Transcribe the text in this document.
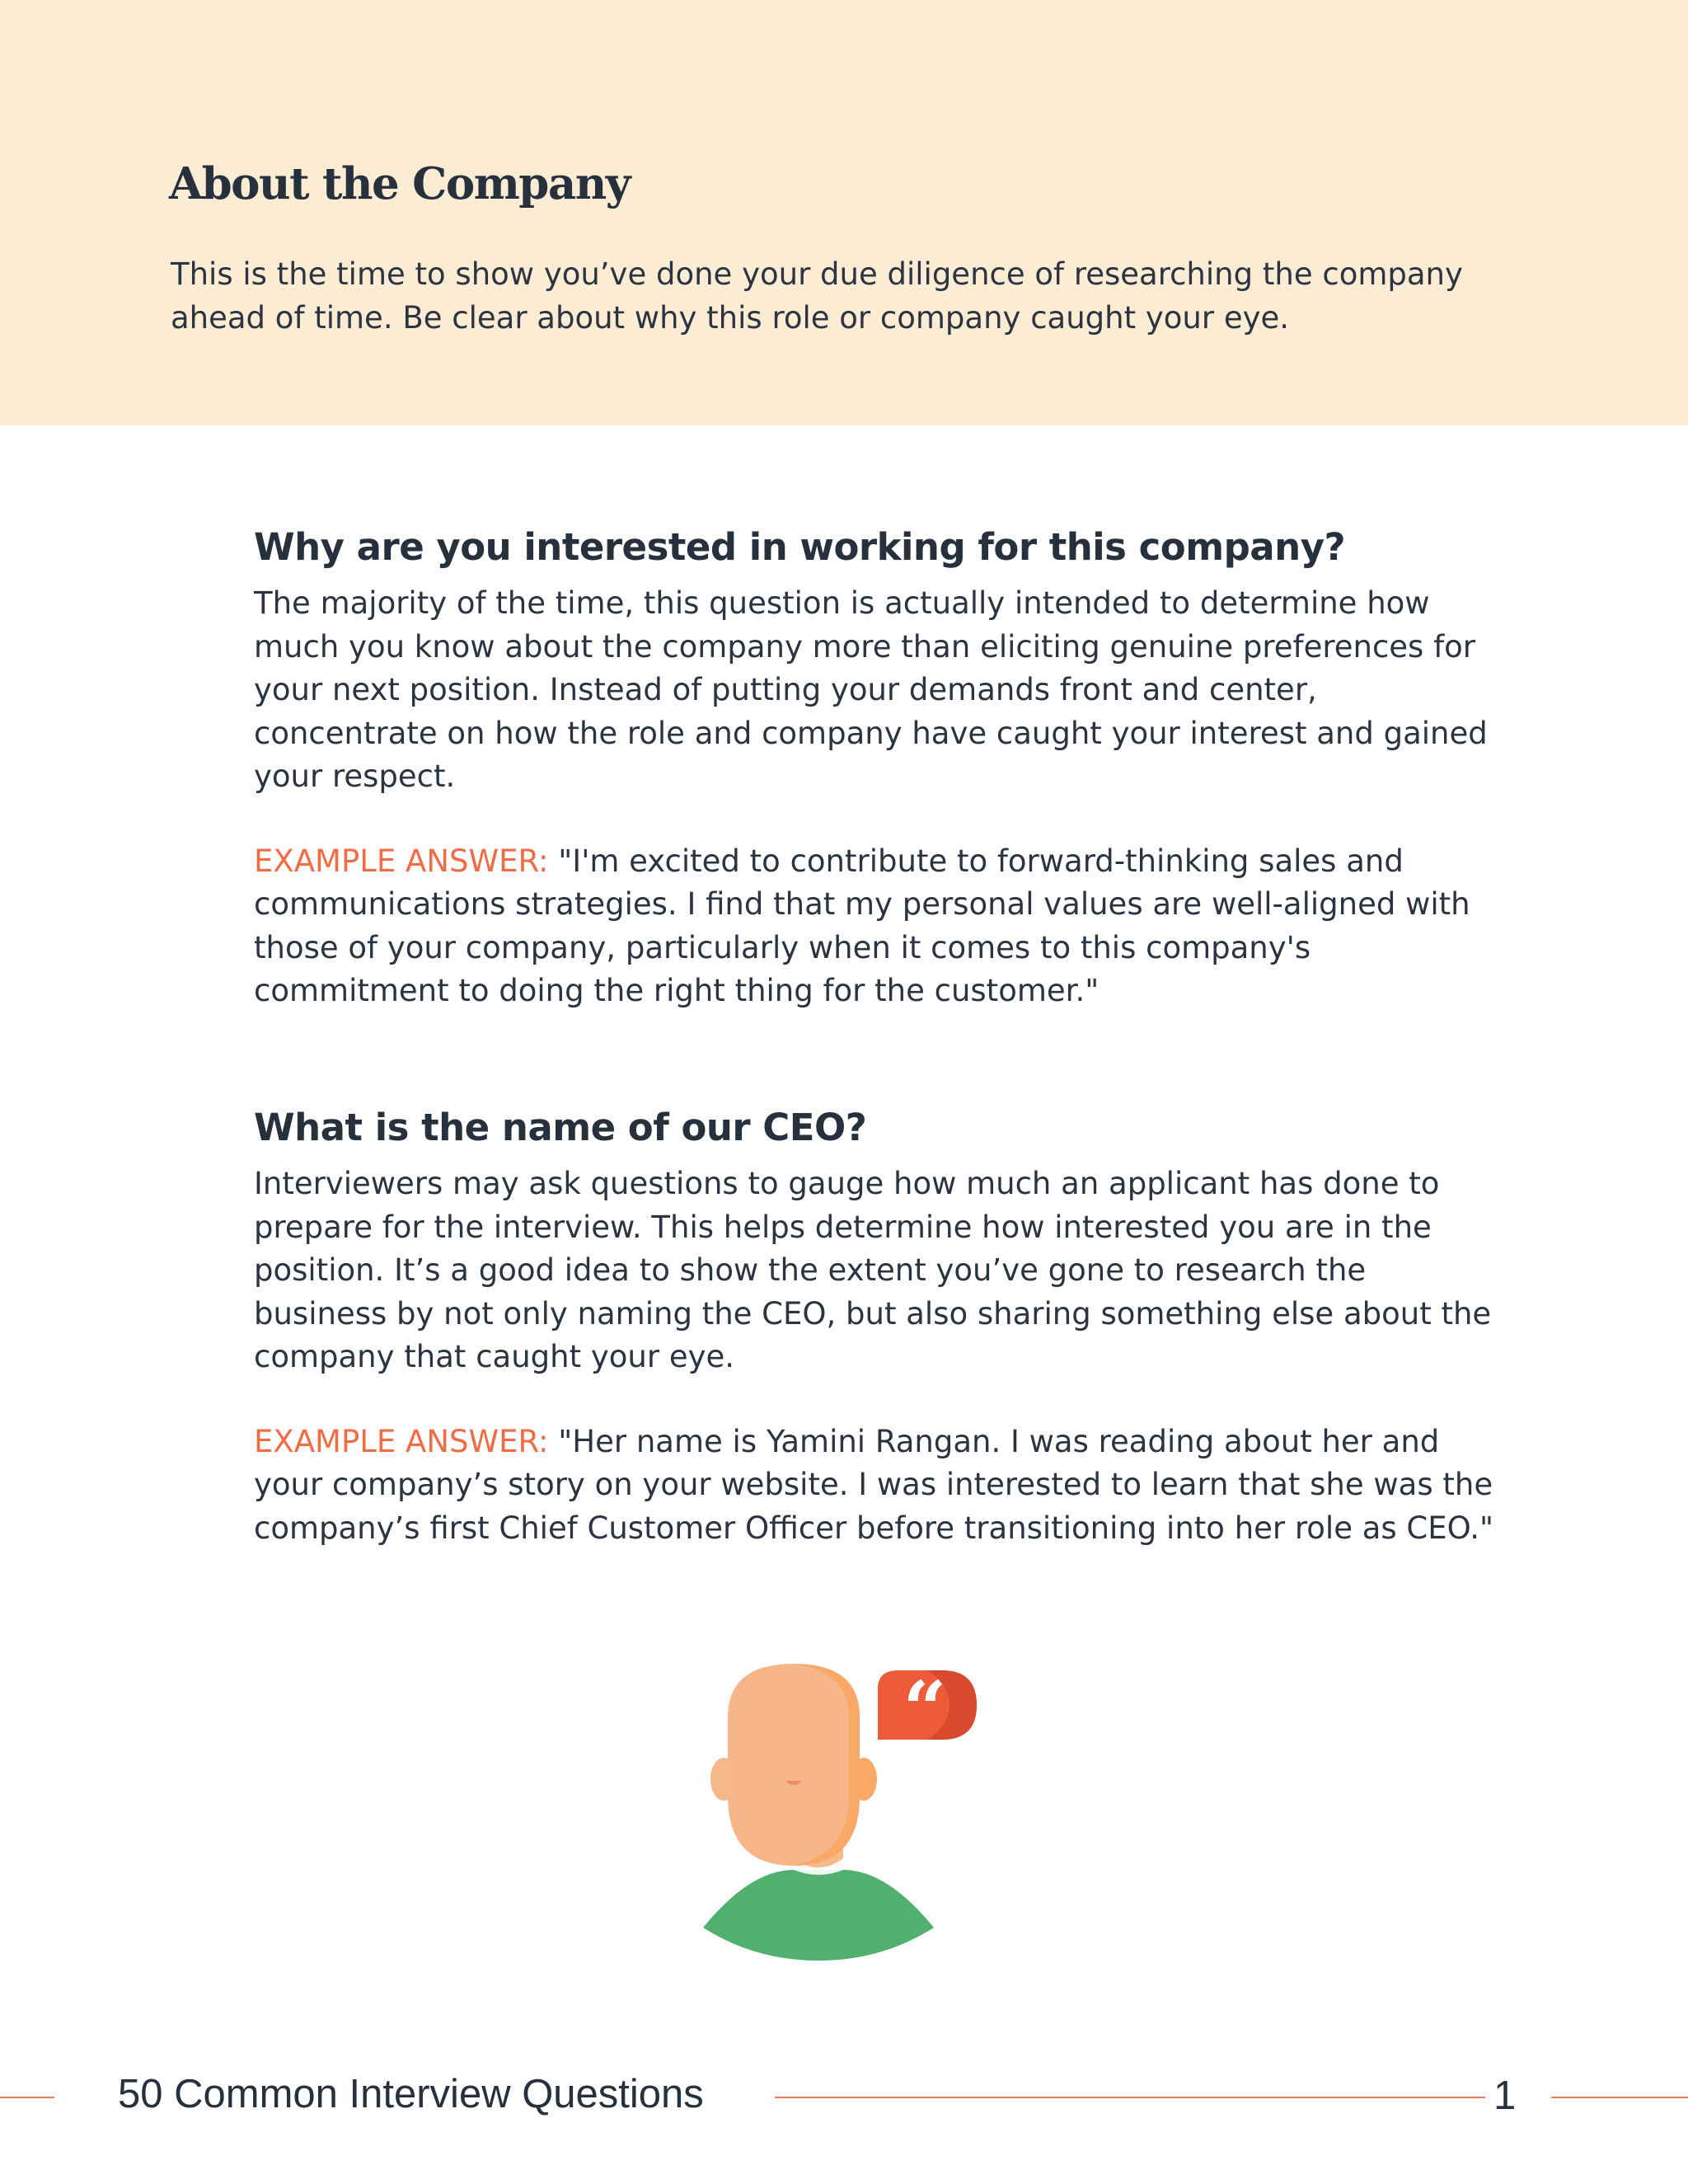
About the Company

This is the time to show you’ve done your due diligence of researching the company ahead of time. Be clear about why this role or company caught your eye.

Why are you interested in working for this company?

The majority of the time, this question is actually intended to determine how much you know about the company more than eliciting genuine preferences for your next position. Instead of putting your demands front and center, concentrate on how the role and company have caught your interest and gained your respect.

EXAMPLE ANSWER: "I'm excited to contribute to forward-thinking sales and communications strategies. I find that my personal values are well-aligned with those of your company, particularly when it comes to this company's commitment to doing the right thing for the customer."

What is the name of our CEO?

Interviewers may ask questions to gauge how much an applicant has done to prepare for the interview. This helps determine how interested you are in the position. It’s a good idea to show the extent you’ve gone to research the business by not only naming the CEO, but also sharing something else about the company that caught your eye.

EXAMPLE ANSWER: "Her name is Yamini Rangan. I was reading about her and your company’s story on your website. I was interested to learn that she was the company’s first Chief Customer Officer before transitioning into her role as CEO."

“
50 Common Interview Questions	1
